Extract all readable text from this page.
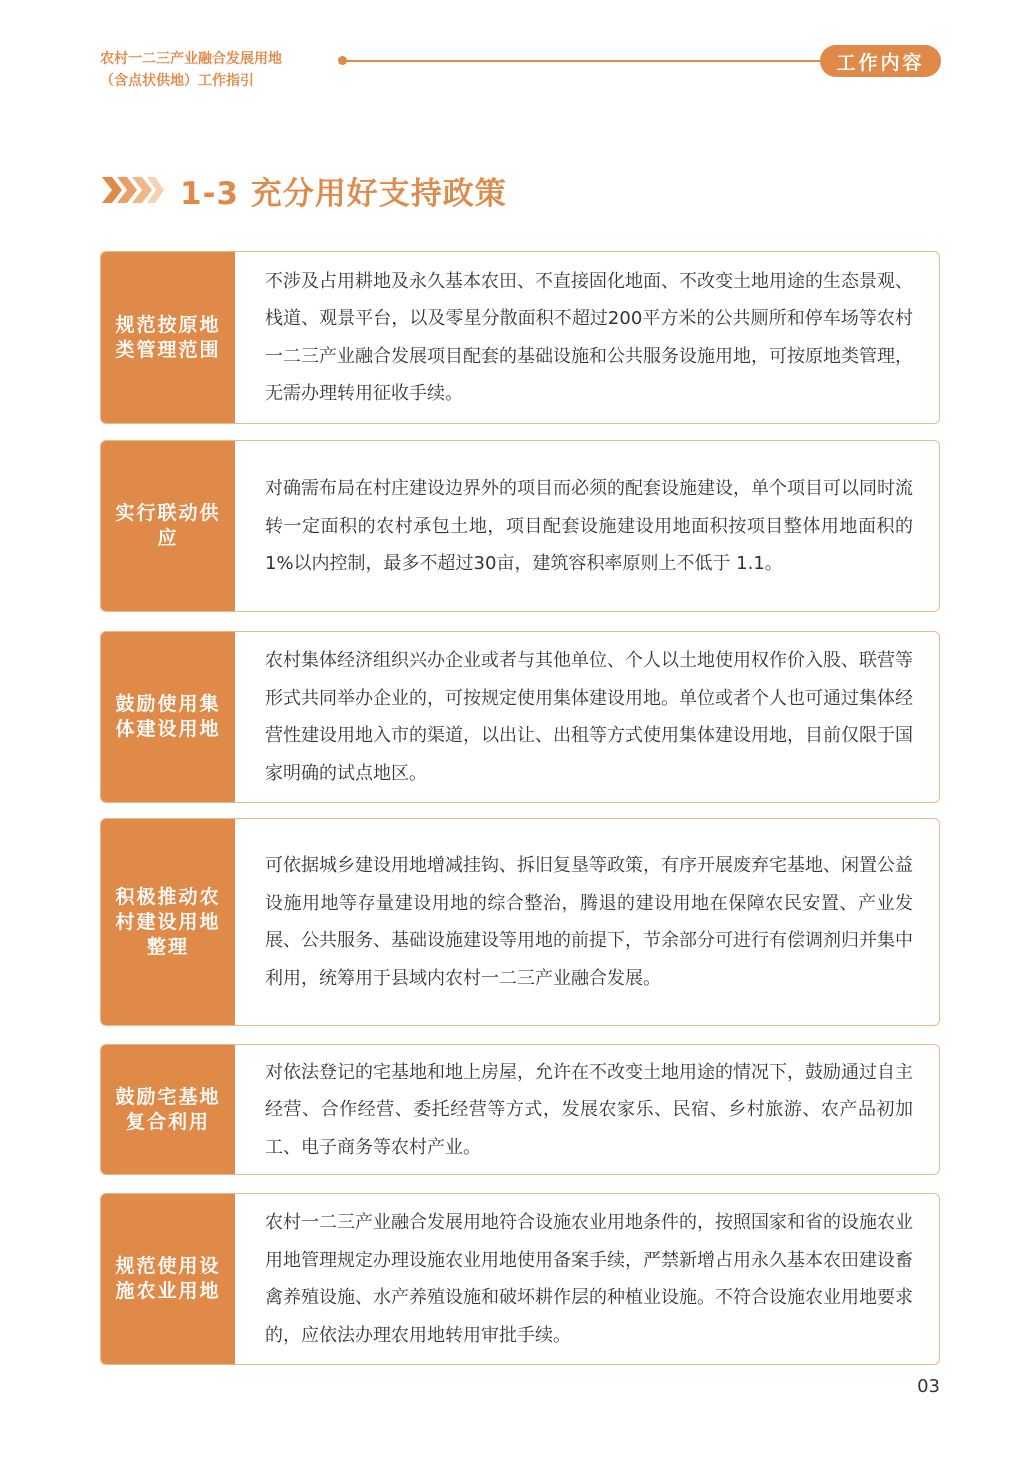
农村一二三产业融合发展用地
（含点状供地）工作指引
工作内容
1-3 充分用好支持政策
规范按原地类管理范围
不涉及占用耕地及永久基本农田、不直接固化地面、不改变土地用途的生态景观、栈道、观景平台，以及零星分散面积不超过200平方米的公共厕所和停车场等农村一二三产业融合发展项目配套的基础设施和公共服务设施用地，可按原地类管理，无需办理转用征收手续。
实行联动供应
对确需布局在村庄建设边界外的项目而必须的配套设施建设，单个项目可以同时流转一定面积的农村承包土地，项目配套设施建设用地面积按项目整体用地面积的1%以内控制，最多不超过30亩，建筑容积率原则上不低于 1.1。
鼓励使用集体建设用地
农村集体经济组织兴办企业或者与其他单位、个人以土地使用权作价入股、联营等形式共同举办企业的，可按规定使用集体建设用地。单位或者个人也可通过集体经营性建设用地入市的渠道，以出让、出租等方式使用集体建设用地，目前仅限于国家明确的试点地区。
积极推动农村建设用地整理
可依据城乡建设用地增减挂钩、拆旧复垦等政策，有序开展废弃宅基地、闲置公益设施用地等存量建设用地的综合整治，腾退的建设用地在保障农民安置、产业发展、公共服务、基础设施建设等用地的前提下，节余部分可进行有偿调剂归并集中利用，统筹用于县域内农村一二三产业融合发展。
鼓励宅基地复合利用
对依法登记的宅基地和地上房屋，允许在不改变土地用途的情况下，鼓励通过自主经营、合作经营、委托经营等方式，发展农家乐、民宿、乡村旅游、农产品初加工、电子商务等农村产业。
规范使用设施农业用地
农村一二三产业融合发展用地符合设施农业用地条件的，按照国家和省的设施农业用地管理规定办理设施农业用地使用备案手续，严禁新增占用永久基本农田建设畜禽养殖设施、水产养殖设施和破坏耕作层的种植业设施。不符合设施农业用地要求的，应依法办理农用地转用审批手续。
03
